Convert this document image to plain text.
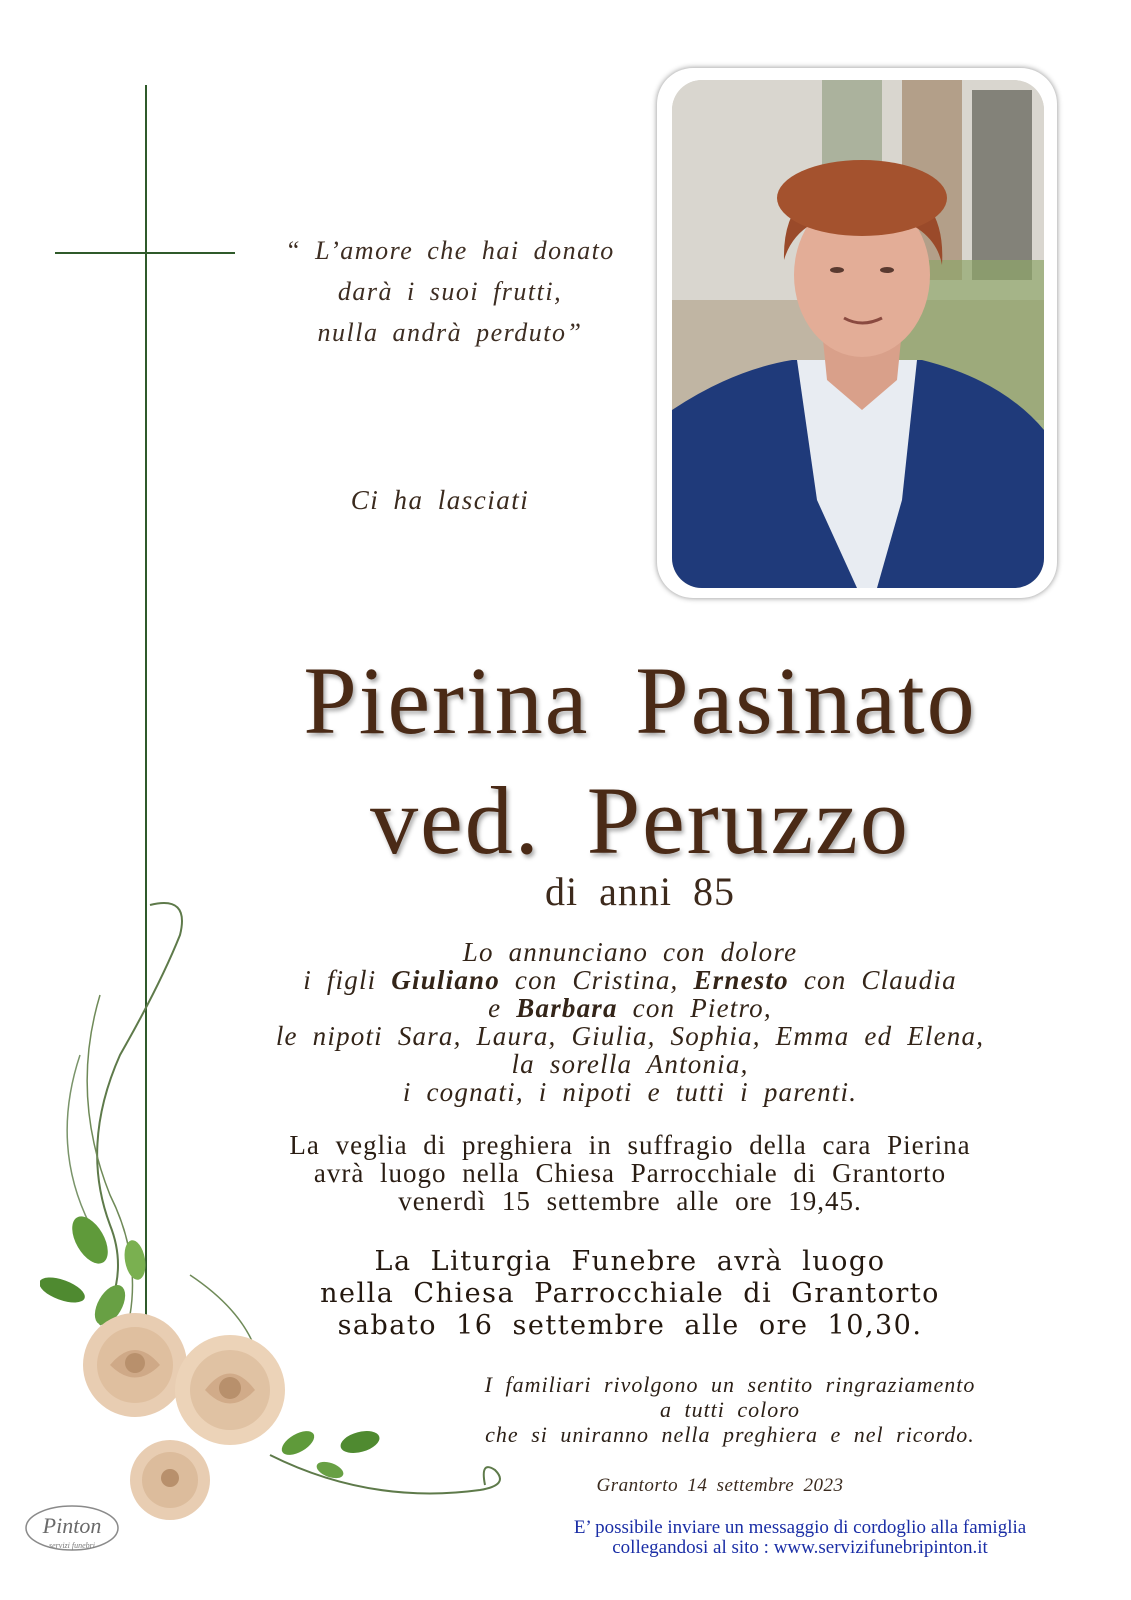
“ L’amore che hai donato
darà i suoi frutti,
nulla andrà perduto”
Ci ha lasciati
Pierina Pasinato
ved. Peruzzo
di anni 85
Lo annunciano con dolore
i figli Giuliano con Cristina, Ernesto con Claudia
e Barbara con Pietro,
le nipoti Sara, Laura, Giulia, Sophia, Emma ed Elena,
la sorella Antonia,
i cognati, i nipoti e tutti i parenti.
La veglia di preghiera in suffragio della cara Pierina
avrà luogo nella Chiesa Parrocchiale di Grantorto
venerdì 15 settembre alle ore 19,45.
La Liturgia Funebre avrà luogo
nella Chiesa Parrocchiale di Grantorto
sabato 16 settembre alle ore 10,30.
I familiari rivolgono un sentito ringraziamento
a tutti coloro
che si uniranno nella preghiera e nel ricordo.
Grantorto 14 settembre 2023
E’ possibile inviare un messaggio di cordoglio alla famiglia
collegandosi al sito : www.servizifunebripinton.it
Pinton
servizi funebri
